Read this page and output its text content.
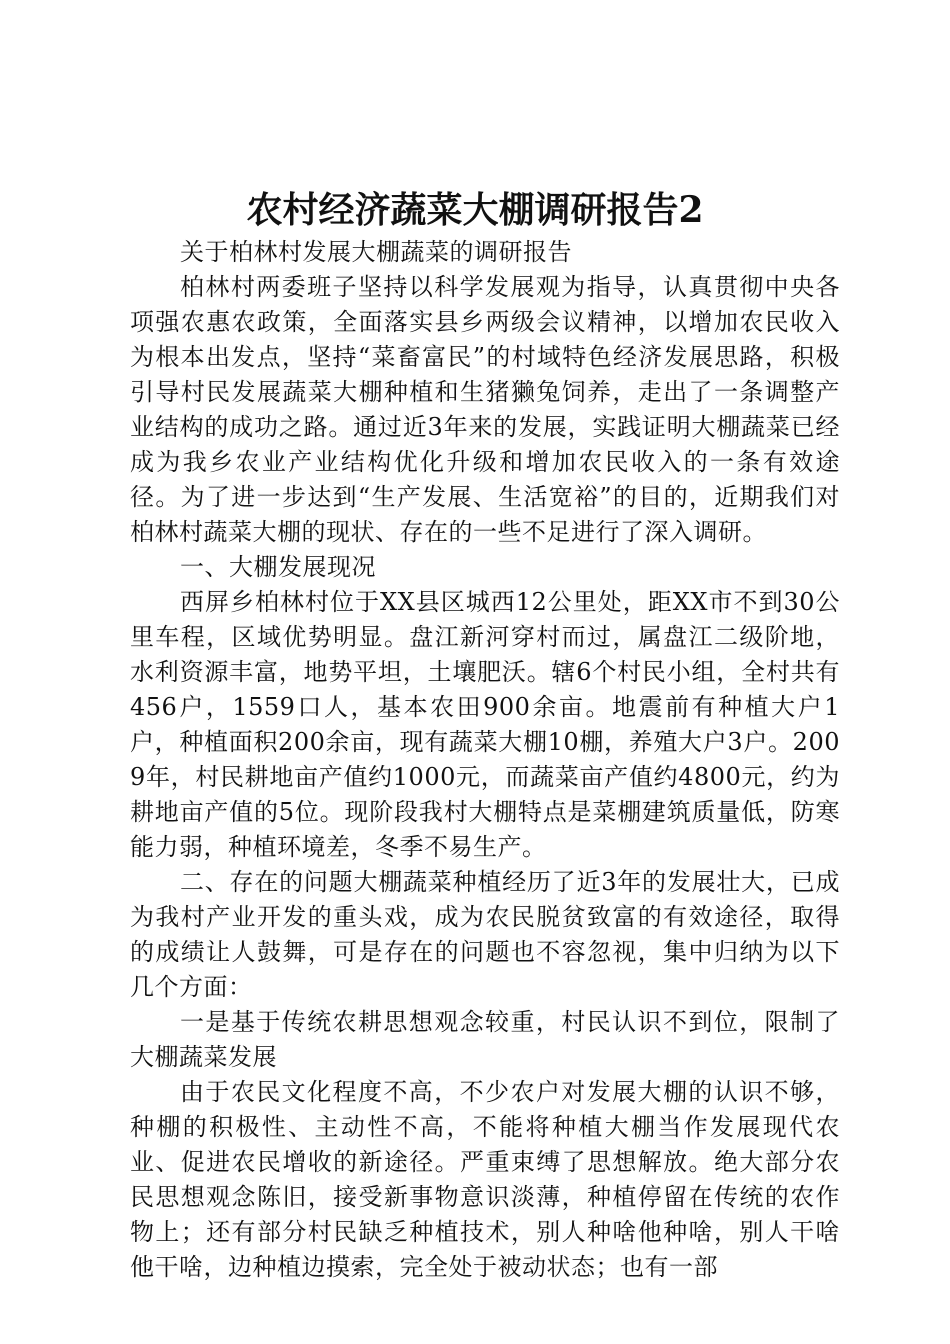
农村经济蔬菜大棚调研报告2

关于柏林村发展大棚蔬菜的调研报告

柏林村两委班子坚持以科学发展观为指导，认真贯彻中央各项强农惠农政策，全面落实县乡两级会议精神，以增加农民收入为根本出发点，坚持“菜畜富民”的村域特色经济发展思路，积极引导村民发展蔬菜大棚种植和生猪獭兔饲养，走出了一条调整产业结构的成功之路。通过近3年来的发展，实践证明大棚蔬菜已经成为我乡农业产业结构优化升级和增加农民收入的一条有效途径。为了进一步达到“生产发展、生活宽裕”的目的，近期我们对柏林村蔬菜大棚的现状、存在的一些不足进行了深入调研。

一、大棚发展现况

西屏乡柏林村位于XX县区城西12公里处，距XX市不到30公里车程，区域优势明显。盘江新河穿村而过，属盘江二级阶地，水利资源丰富，地势平坦，土壤肥沃。辖6个村民小组，全村共有456户，1559口人，基本农田900余亩。地震前有种植大户1户，种植面积200余亩，现有蔬菜大棚10棚，养殖大户3户。2009年，村民耕地亩产值约1000元，而蔬菜亩产值约4800元，约为耕地亩产值的5位。现阶段我村大棚特点是菜棚建筑质量低，防寒能力弱，种植环境差，冬季不易生产。

二、存在的问题大棚蔬菜种植经历了近3年的发展壮大，已成为我村产业开发的重头戏，成为农民脱贫致富的有效途径，取得的成绩让人鼓舞，可是存在的问题也不容忽视，集中归纳为以下几个方面：

一是基于传统农耕思想观念较重，村民认识不到位，限制了大棚蔬菜发展

由于农民文化程度不高，不少农户对发展大棚的认识不够，种棚的积极性、主动性不高，不能将种植大棚当作发展现代农业、促进农民增收的新途径。严重束缚了思想解放。绝大部分农民思想观念陈旧，接受新事物意识淡薄，种植停留在传统的农作物上；还有部分村民缺乏种植技术，别人种啥他种啥，别人干啥他干啥，边种植边摸索，完全处于被动状态；也有一部
